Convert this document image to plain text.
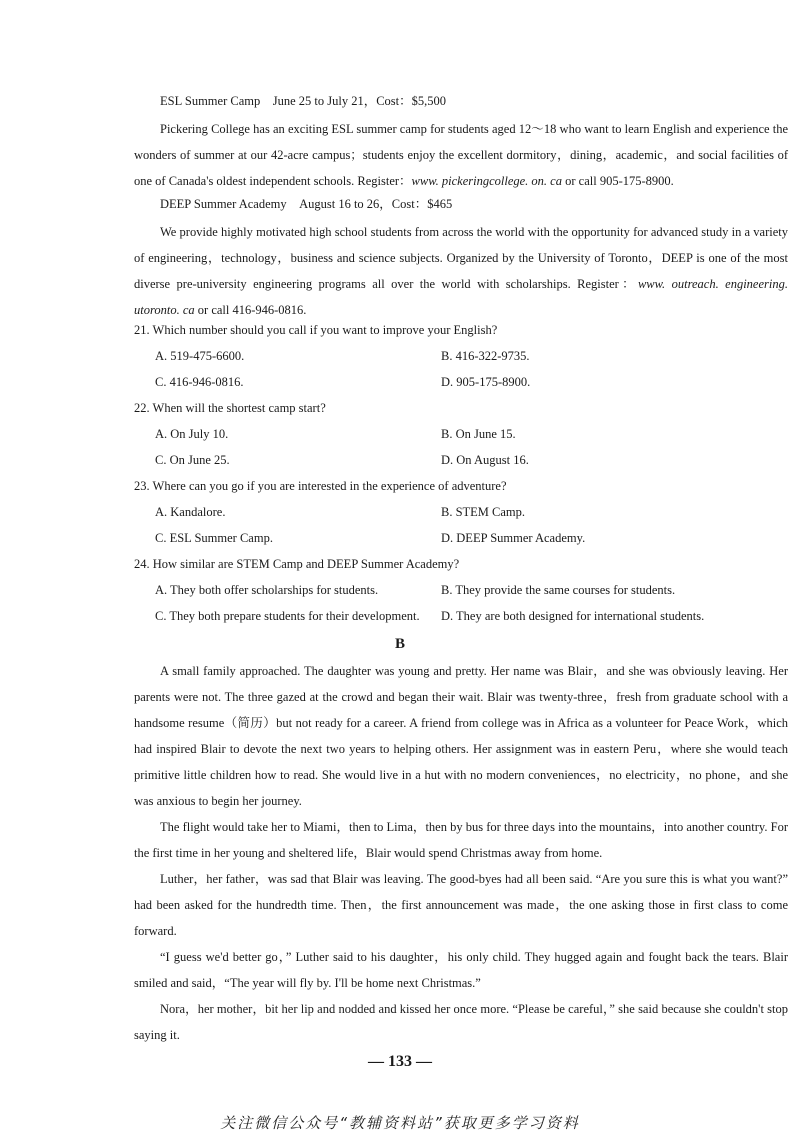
ESL Summer Camp　June 25 to July 21，Cost：$5,500

Pickering College has an exciting ESL summer camp for students aged 12～18 who want to learn English and experience the wonders of summer at our 42-acre campus；students enjoy the excellent dormitory，dining，academic，and social facilities of one of Canada's oldest independent schools. Register：www. pickeringcollege. on. ca or call 905-175-8900.

DEEP Summer Academy　August 16 to 26，Cost：$465

We provide highly motivated high school students from across the world with the opportunity for advanced study in a variety of engineering，technology，business and science subjects. Organized by the University of Toronto，DEEP is one of the most diverse pre-university engineering programs all over the world with scholarships. Register：www. outreach. engineering. utoronto. ca or call 416-946-0816.

21. Which number should you call if you want to improve your English?
A. 519-475-6600.	B. 416-322-9735.
C. 416-946-0816.	D. 905-175-8900.
22. When will the shortest camp start?
A. On July 10.	B. On June 15.
C. On June 25.	D. On August 16.
23. Where can you go if you are interested in the experience of adventure?
A. Kandalore.	B. STEM Camp.
C. ESL Summer Camp.	D. DEEP Summer Academy.
24. How similar are STEM Camp and DEEP Summer Academy?
A. They both offer scholarships for students.	B. They provide the same courses for students.
C. They both prepare students for their development. D. They are both designed for international students.
B

A small family approached. The daughter was young and pretty. Her name was Blair，and she was obviously leaving. Her parents were not. The three gazed at the crowd and began their wait. Blair was twenty-three，fresh from graduate school with a handsome resume（简历）but not ready for a career. A friend from college was in Africa as a volunteer for Peace Work，which had inspired Blair to devote the next two years to helping others. Her assignment was in eastern Peru，where she would teach primitive little children how to read. She would live in a hut with no modern conveniences，no electricity，no phone，and she was anxious to begin her journey.

The flight would take her to Miami，then to Lima，then by bus for three days into the mountains，into another country. For the first time in her young and sheltered life，Blair would spend Christmas away from home.

Luther，her father，was sad that Blair was leaving. The good-byes had all been said. “Are you sure this is what you want?” had been asked for the hundredth time. Then，the first announcement was made，the one asking those in first class to come forward.

“I guess we'd better go，” Luther said to his daughter，his only child. They hugged again and fought back the tears. Blair smiled and said，“The year will fly by. I'll be home next Christmas.”

Nora，her mother，bit her lip and nodded and kissed her once more. “Please be careful，” she said because she couldn't stop saying it.

— 133 —
关注微信公众号“教辅资料站”获取更多学习资料
